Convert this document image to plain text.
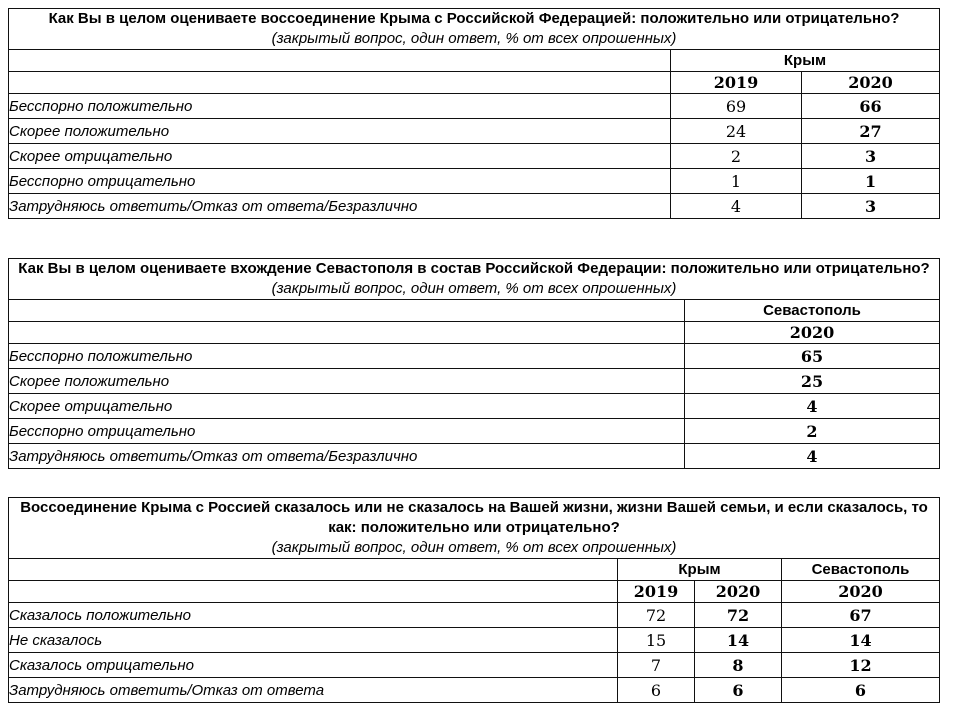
Как Вы в целом оцениваете воссоединение Крыма с Российской Федерацией: положительно или отрицательно? (закрытый вопрос, один ответ, % от всех опрошенных)		
	Крым	
	2019	2020
Бесспорно положительно	69	66
Скорее положительно	24	27
Скорее отрицательно	2	3
Бесспорно отрицательно	1	1
Затрудняюсь ответить/Отказ от ответа/Безразлично	4	3
Как Вы в целом оцениваете вхождение Севастополя в состав Российской Федерации: положительно или отрицательно?
(закрытый вопрос, один ответ, % от всех опрошенных)	

	Севастополь
	2020
Бесспорно положительно	65
Скорее положительно	25
Скорее отрицательно	4
Бесспорно отрицательно	2
Затрудняюсь ответить/Отказ от ответа/Безразлично	4
Воссоединение Крыма с Россией сказалось или не сказалось на Вашей жизни, жизни Вашей семьи, и если сказалось, то как: положительно или отрицательно?
(закрытый вопрос, один ответ, % от всех опрошенных)			

	Крым		Севастополь
	2019	2020	2020
Сказалось положительно	72	72	67
Не сказалось	15	14	14
Сказалось отрицательно	7	8	12
Затрудняюсь ответить/Отказ от ответа	6	6	6
